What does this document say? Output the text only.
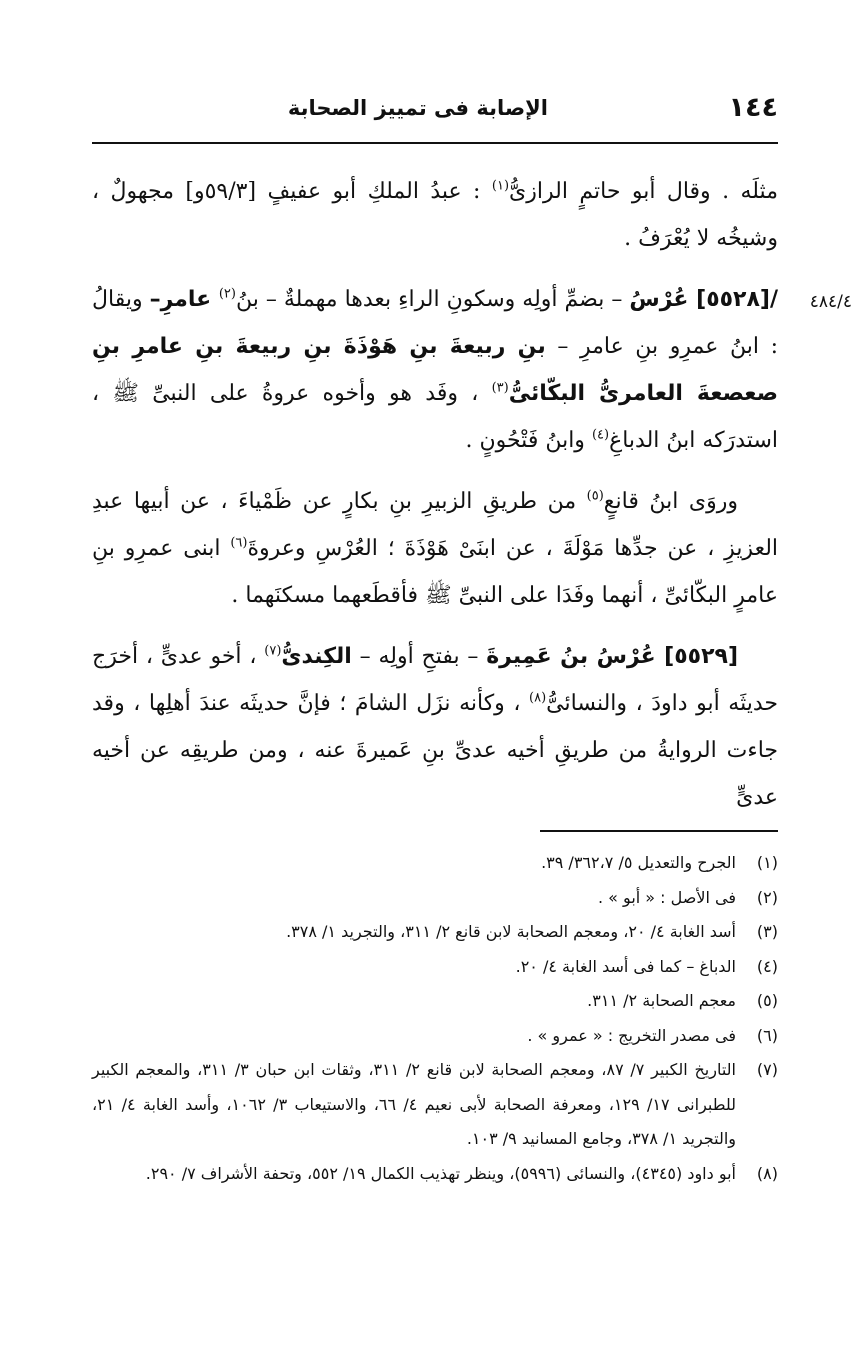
١٤٤
الإصابة فى تمييز الصحابة
٤٨٤/٤
مثلَه . وقال أبو حاتمٍ الرازىُّ$^{(١)}$ : عبدُ الملكِ أبو عفيفٍ [٥٩/٣و] مجهولٌ ، وشيخُه لا يُعْرَفُ .
/[٥٥٢٨] عُرْسُ – بضمِّ أولِه وسكونِ الراءِ بعدها مهملةٌ – بنُ$^{(٢)}$ عامرِ– ويقالُ : ابنُ عمرِو بنِ عامرِ – بنِ ربيعةَ بنِ هَوْذَةَ بنِ ربيعةَ بنِ عامرِ بنِ صعصعةَ العامرىُّ البكّائىُّ$^{(٣)}$ ، وفَد هو وأخوه عروةُ على النبىِّ ﷺ ، استدرَكه ابنُ الدباغِ$^{(٤)}$ وابنُ فَتْحُونٍ .
وروَى ابنُ قانعٍ$^{(٥)}$ من طريقِ الزبيرِ بنِ بكارٍ عن ظَمْياءَ ، عن أبيها عبدِ العزيزِ ، عن جدِّها مَوْلَةَ ، عن ابنَىْ هَوْذَةَ ؛ العُرْسِ وعروةَ$^{(٦)}$ ابنى عمرِو بنِ عامرٍ البكّائىِّ ، أنهما وفَدَا على النبىِّ ﷺ فأقطَعهما مسكنَهما .
[٥٥٢٩] عُرْسُ بنُ عَمِيرةَ – بفتحِ أولِه – الكِندىُّ$^{(٧)}$ ، أخو عدىٍّ ، أخرَج حديثَه أبو داودَ ، والنسائىُّ$^{(٨)}$ ، وكأنه نزَل الشامَ ؛ فإنَّ حديثَه عندَ أهلِها ، وقد جاءت الروايةُ من طريقِ أخيه عدىِّ بنِ عَميرةَ عنه ، ومن طريقِه عن أخيه عدىٍّ

(١)
الجرح والتعديل ٥/ ٣٦٢،٧/ ٣٩.

(٢)
فى الأصل : « أبو » .

(٣)
أسد الغابة ٤/ ٢٠، ومعجم الصحابة لابن قانع ٢/ ٣١١، والتجريد ١/ ٣٧٨.

(٤)
الدباغ – كما فى أسد الغابة ٤/ ٢٠.

(٥)
معجم الصحابة ٢/ ٣١١.

(٦)
فى مصدر التخريج : « عمرو » .

(٧)
التاريخ الكبير ٧/ ٨٧، ومعجم الصحابة لابن قانع ٢/ ٣١١، وثقات ابن حبان ٣/ ٣١١، والمعجم الكبير للطبرانى ١٧/ ١٢٩، ومعرفة الصحابة لأبى نعيم ٤/ ٦٦، والاستيعاب ٣/ ١٠٦٢، وأسد الغابة ٤/ ٢١، والتجريد ١/ ٣٧٨، وجامع المسانيد ٩/ ١٠٣.

(٨)
أبو داود (٤٣٤٥)، والنسائى (٥٩٩٦)، وينظر تهذيب الكمال ١٩/ ٥٥٢، وتحفة الأشراف ٧/ ٢٩٠.
